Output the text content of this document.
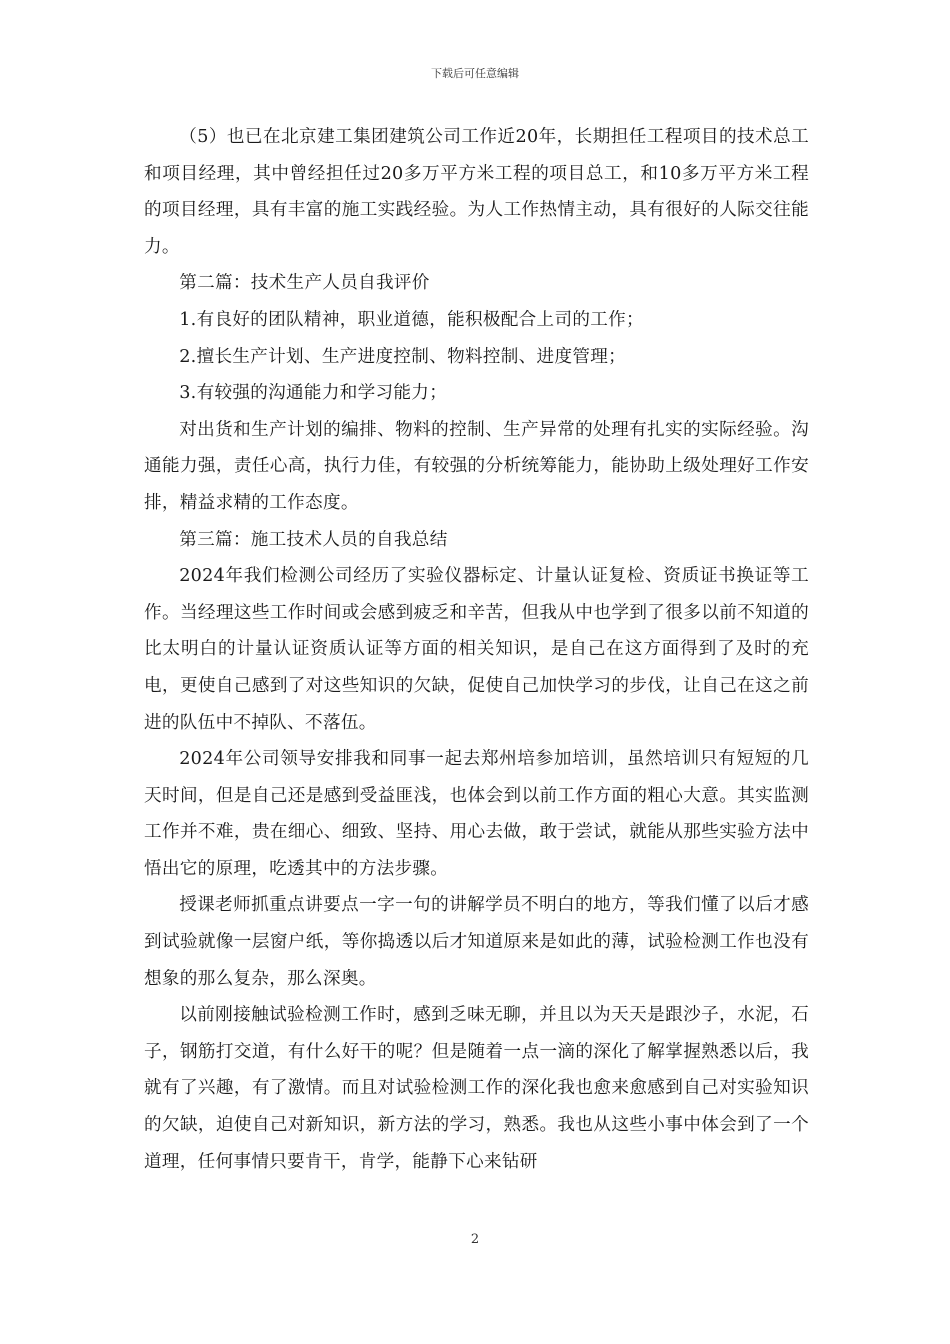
下载后可任意编辑

（5）也已在北京建工集团建筑公司工作近20年，长期担任工程项目的技术总工和项目经理，其中曾经担任过20多万平方米工程的项目总工，和10多万平方米工程的项目经理，具有丰富的施工实践经验。为人工作热情主动，具有很好的人际交往能力。

第二篇：技术生产人员自我评价

1.有良好的团队精神，职业道德，能积极配合上司的工作；

2.擅长生产计划、生产进度控制、物料控制、进度管理；

3.有较强的沟通能力和学习能力；

对出货和生产计划的编排、物料的控制、生产异常的处理有扎实的实际经验。沟通能力强，责任心高，执行力佳，有较强的分析统筹能力，能协助上级处理好工作安排，精益求精的工作态度。

第三篇：施工技术人员的自我总结

2024年我们检测公司经历了实验仪器标定、计量认证复检、资质证书换证等工作。当经理这些工作时间或会感到疲乏和辛苦，但我从中也学到了很多以前不知道的比太明白的计量认证资质认证等方面的相关知识，是自己在这方面得到了及时的充电，更使自己感到了对这些知识的欠缺，促使自己加快学习的步伐，让自己在这之前进的队伍中不掉队、不落伍。

2024年公司领导安排我和同事一起去郑州培参加培训，虽然培训只有短短的几天时间，但是自己还是感到受益匪浅，也体会到以前工作方面的粗心大意。其实监测工作并不难，贵在细心、细致、坚持、用心去做，敢于尝试，就能从那些实验方法中悟出它的原理，吃透其中的方法步骤。

授课老师抓重点讲要点一字一句的讲解学员不明白的地方，等我们懂了以后才感到试验就像一层窗户纸，等你捣透以后才知道原来是如此的薄，试验检测工作也没有想象的那么复杂，那么深奥。

以前刚接触试验检测工作时，感到乏味无聊，并且以为天天是跟沙子，水泥，石子，钢筋打交道，有什么好干的呢？但是随着一点一滴的深化了解掌握熟悉以后，我就有了兴趣，有了激情。而且对试验检测工作的深化我也愈来愈感到自己对实验知识的欠缺，迫使自己对新知识，新方法的学习，熟悉。我也从这些小事中体会到了一个道理，任何事情只要肯干，肯学，能静下心来钻研

2
